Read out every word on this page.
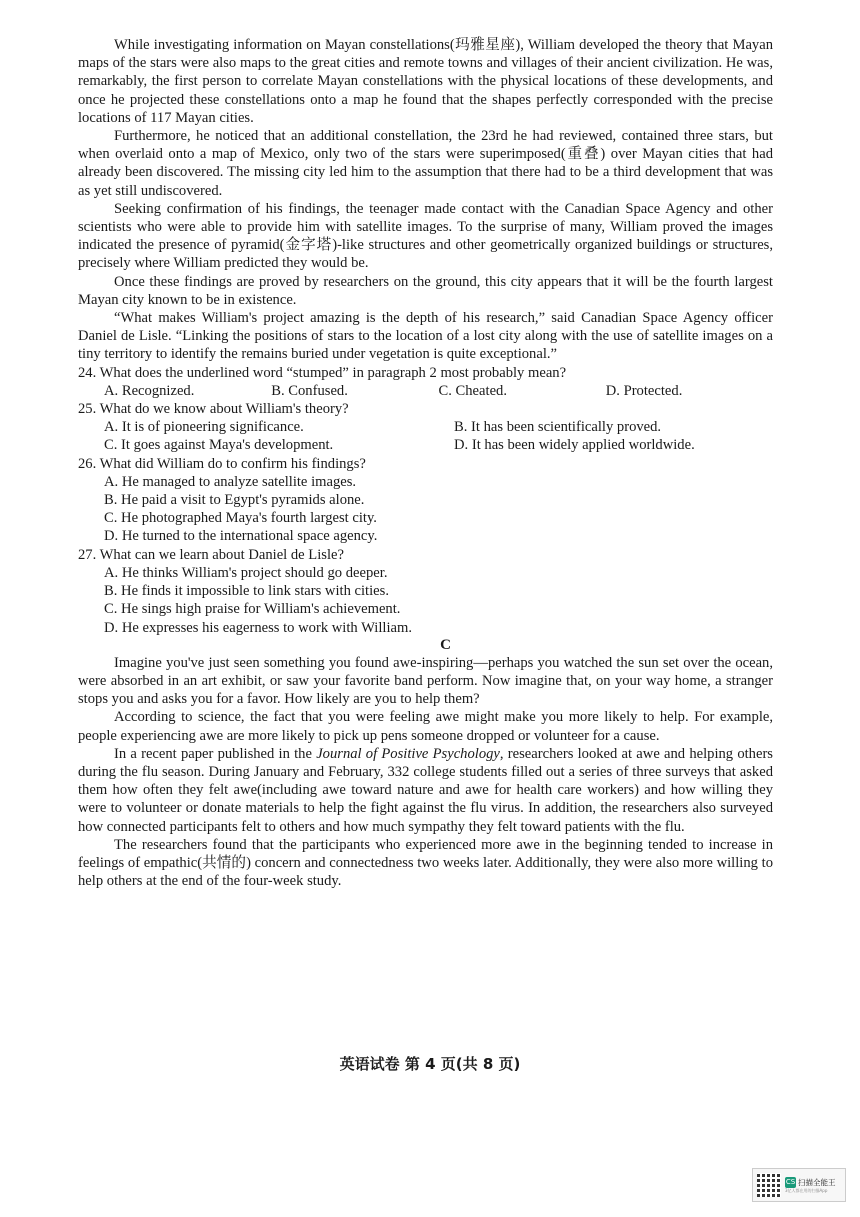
While investigating information on Mayan constellations(玛雅星座), William developed the theory that Mayan maps of the stars were also maps to the great cities and remote towns and villages of their ancient civilization. He was, remarkably, the first person to correlate Mayan constellations with the physical locations of these developments, and once he projected these constellations onto a map he found that the shapes perfectly corresponded with the precise locations of 117 Mayan cities.

Furthermore, he noticed that an additional constellation, the 23rd he had reviewed, contained three stars, but when overlaid onto a map of Mexico, only two of the stars were superimposed(重叠) over Mayan cities that had already been discovered. The missing city led him to the assumption that there had to be a third development that was as yet still undiscovered.

Seeking confirmation of his findings, the teenager made contact with the Canadian Space Agency and other scientists who were able to provide him with satellite images. To the surprise of many, William proved the images indicated the presence of pyramid(金字塔)-like structures and other geometrically organized buildings or structures, precisely where William predicted they would be.

Once these findings are proved by researchers on the ground, this city appears that it will be the fourth largest Mayan city known to be in existence.

“What makes William's project amazing is the depth of his research,” said Canadian Space Agency officer Daniel de Lisle. “Linking the positions of stars to the location of a lost city along with the use of satellite images on a tiny territory to identify the remains buried under vegetation is quite exceptional.”

24. What does the underlined word “stumped” in paragraph 2 most probably mean?
A. Recognized.	B. Confused.	C. Cheated.	D. Protected.
25. What do we know about William's theory?
A. It is of pioneering significance.	B. It has been scientifically proved.
C. It goes against Maya's development.	D. It has been widely applied worldwide.
26. What did William do to confirm his findings?
A. He managed to analyze satellite images.
B. He paid a visit to Egypt's pyramids alone.
C. He photographed Maya's fourth largest city.
D. He turned to the international space agency.
27. What can we learn about Daniel de Lisle?
A. He thinks William's project should go deeper.
B. He finds it impossible to link stars with cities.
C. He sings high praise for William's achievement.
D. He expresses his eagerness to work with William.
C

Imagine you've just seen something you found awe-inspiring—perhaps you watched the sun set over the ocean, were absorbed in an art exhibit, or saw your favorite band perform. Now imagine that, on your way home, a stranger stops you and asks you for a favor. How likely are you to help them?

According to science, the fact that you were feeling awe might make you more likely to help. For example, people experiencing awe are more likely to pick up pens someone dropped or volunteer for a cause.

In a recent paper published in the Journal of Positive Psychology, researchers looked at awe and helping others during the flu season. During January and February, 332 college students filled out a series of three surveys that asked them how often they felt awe(including awe toward nature and awe for health care workers) and how willing they were to volunteer or donate materials to help the fight against the flu virus. In addition, the researchers also surveyed how connected participants felt to others and how much sympathy they felt toward patients with the flu.

The researchers found that the participants who experienced more awe in the beginning tended to increase in feelings of empathic(共情的) concern and connectedness two weeks later. Additionally, they were also more willing to help others at the end of the four-week study.

英语试卷 第 4 页(共 8 页)
CS 扫描全能王
3亿人都在用的扫描App
